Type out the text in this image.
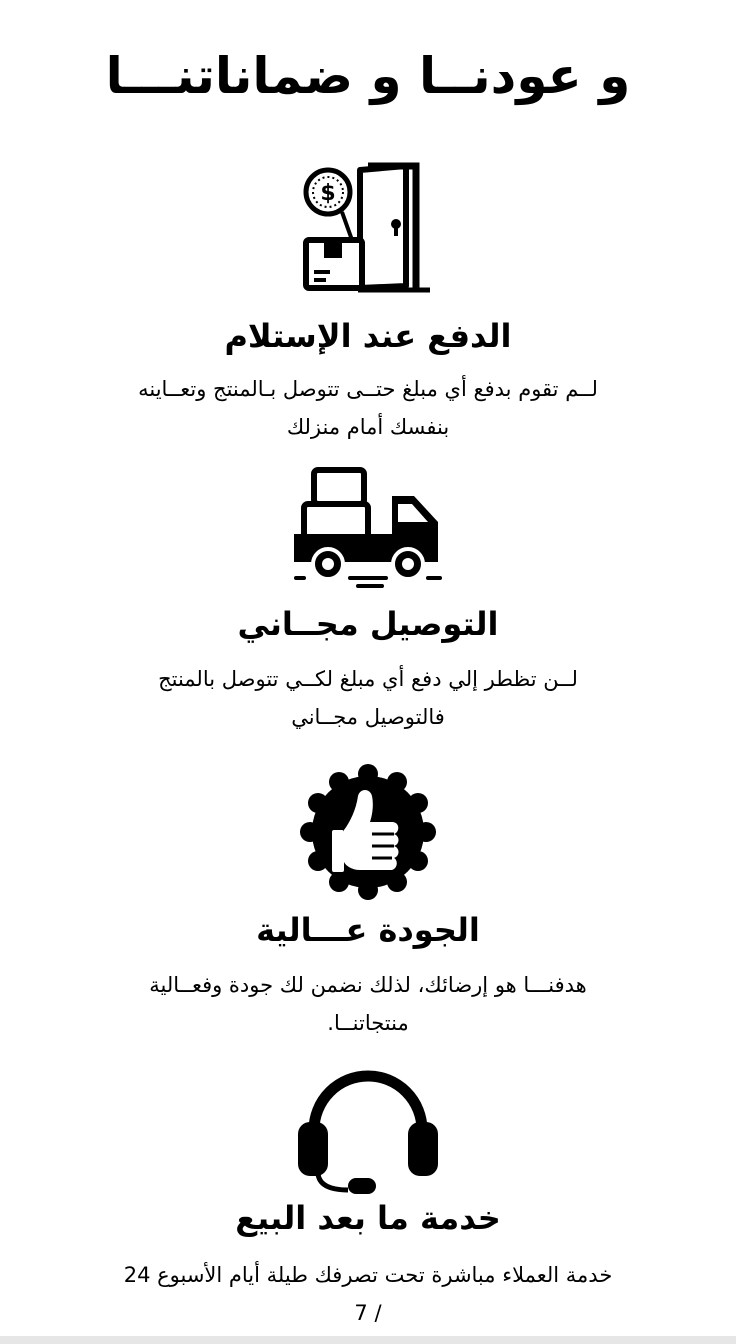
و عودنــا و ضماناتنـــا
$
الدفع عند الإستلام

لــم تقوم بدفع أي مبلغ حتــى تتوصل بـالمنتج وتعــاينه بنفسك أمام منزلك

التوصيل مجــاني

لــن تظطر إلي دفع أي مبلغ لكــي تتوصل بالمنتج فالتوصيل مجــاني

الجودة عـــالية

هدفنـــا هو إرضائك، لذلك نضمن لك جودة وفعــالية منتجاتنــا.

خدمة ما بعد البيع

خدمة العملاء مباشرة تحت تصرفك طيلة أيام الأسبوع 24 / 7
